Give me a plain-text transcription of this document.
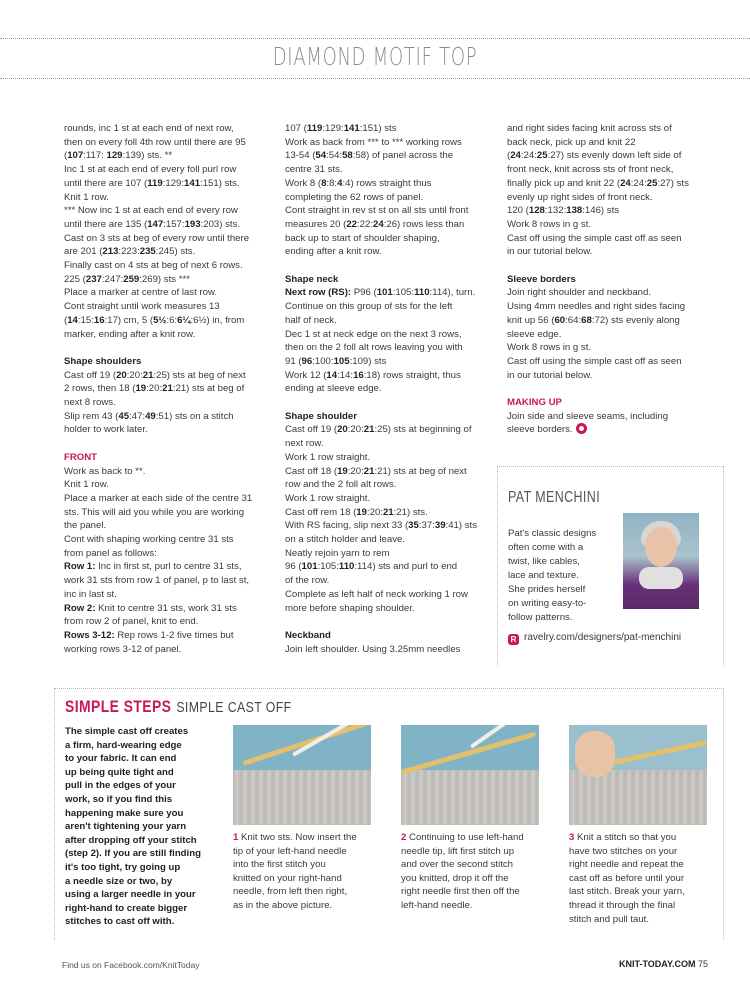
DIAMOND MOTIF TOP

rounds, inc 1 st at each end of next row,
then on every foll 4th row until there are 95
(107:117: 129:139) sts. **

Inc 1 st at each end of every foll purl row
until there are 107 (119:129:141:151) sts.

Knit 1 row.

*** Now inc 1 st at each end of every row
until there are 135 (147:157:193:203) sts.

Cast on 3 sts at beg of every row until there
are 201 (213:223:235:245) sts.

Finally cast on 4 sts at beg of next 6 rows.
225 (237:247:259:269) sts ***

Place a marker at centre of last row.

Cont straight until work measures 13
(14:15:16:17) cm, 5 (5½:6:6¼:6½) in, from
marker, ending after a knit row.

Shape shoulders

Cast off 19 (20:20:21:25) sts at beg of next
2 rows, then 18 (19:20:21:21) sts at beg of
next 8 rows.

Slip rem 43 (45:47:49:51) sts on a stitch
holder to work later.

FRONT

Work as back to **.

Knit 1 row.

Place a marker at each side of the centre 31
sts. This will aid you while you are working
the panel.

Cont with shaping working centre 31 sts
from panel as follows:

Row 1: Inc in first st, purl to centre 31 sts,
work 31 sts from row 1 of panel, p to last st,
inc in last st.

Row 2: Knit to centre 31 sts, work 31 sts
from row 2 of panel, knit to end.

Rows 3-12: Rep rows 1-2 five times but
working rows 3-12 of panel.

107 (119:129:141:151) sts

Work as back from *** to *** working rows
13-54 (54:54:58:58) of panel across the
centre 31 sts.

Work 8 (8:8:4:4) rows straight thus
completing the 62 rows of panel.

Cont straight in rev st st on all sts until front
measures 20 (22:22:24:26) rows less than
back up to start of shoulder shaping,
ending after a knit row.

Shape neck

Next row (RS): P96 (101:105:110:114), turn.

Continue on this group of sts for the left
half of neck.

Dec 1 st at neck edge on the next 3 rows,
then on the 2 foll alt rows leaving you with
91 (96:100:105:109) sts

Work 12 (14:14:16:18) rows straight, thus
ending at sleeve edge.

Shape shoulder

Cast off 19 (20:20:21:25) sts at beginning of
next row.

Work 1 row straight.

Cast off 18 (19:20:21:21) sts at beg of next
row and the 2 foll alt rows.

Work 1 row straight.

Cast off rem 18 (19:20:21:21) sts.

With RS facing, slip next 33 (35:37:39:41) sts
on a stitch holder and leave.

Neatly rejoin yarn to rem
96 (101:105:110:114) sts and purl to end
of the row.

Complete as left half of neck working 1 row
more before shaping shoulder.

Neckband

Join left shoulder. Using 3.25mm needles

and right sides facing knit across sts of
back neck, pick up and knit 22
(24:24:25:27) sts evenly down left side of
front neck, knit across sts of front neck,
finally pick up and knit 22 (24:24:25:27) sts
evenly up right sides of front neck.
120 (128:132:138:146) sts

Work 8 rows in g st.

Cast off using the simple cast off as seen
in our tutorial below.

Sleeve borders

Join right shoulder and neckband.

Using 4mm needles and right sides facing
knit up 56 (60:64:68:72) sts evenly along
sleeve edge.

Work 8 rows in g st.

Cast off using the simple cast off as seen
in our tutorial below.

MAKING UP

Join side and sleeve seams, including
sleeve borders.

PAT MENCHINI
Pat's classic designs
often come with a
twist, like cables,
lace and texture.
She prides herself
on writing easy-to-
follow patterns.
R ravelry.com/designers/pat-menchini
SIMPLE STEPS SIMPLE CAST OFF
The simple cast off creates
a firm, hard-wearing edge
to your fabric. It can end
up being quite tight and
pull in the edges of your
work, so if you find this
happening make sure you
aren't tightening your yarn
after dropping off your stitch
(step 2). If you are still finding
it's too tight, try going up
a needle size or two, by
using a larger needle in your
right-hand to create bigger
stitches to cast off with.
1 Knit two sts. Now insert the
tip of your left-hand needle
into the first stitch you
knitted on your right-hand
needle, from left then right,
as in the above picture.
2 Continuing to use left-hand
needle tip, lift first stitch up
and over the second stitch
you knitted, drop it off the
right needle first then off the
left-hand needle.
3 Knit a stitch so that you
have two stitches on your
right needle and repeat the
cast off as before until your
last stitch. Break your yarn,
thread it through the final
stitch and pull taut.
Find us on Facebook.com/KnitToday	KNIT-TODAY.COM 75
